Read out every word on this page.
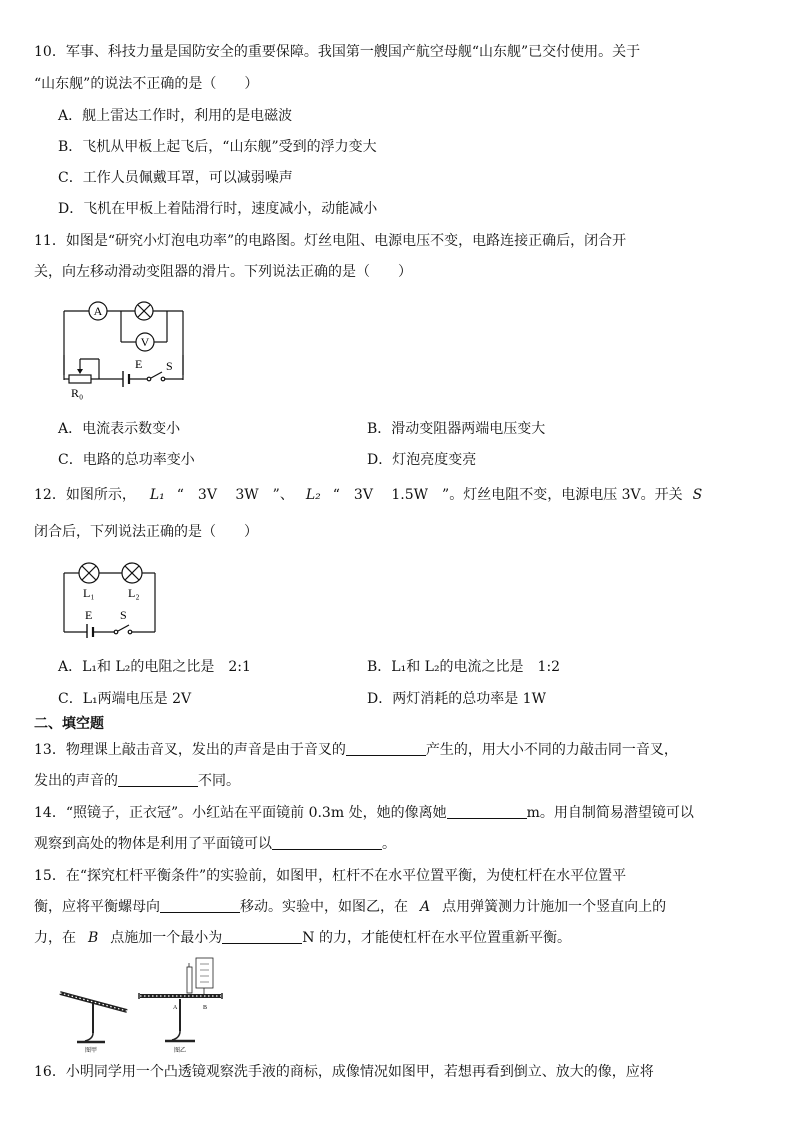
10．军事、科技力量是国防安全的重要保障。我国第一艘国产航空母舰“山东舰”已交付使用。关于
“山东舰”的说法不正确的是（　　）
A．舰上雷达工作时，利用的是电磁波
B．飞机从甲板上起飞后，“山东舰”受到的浮力变大
C．工作人员佩戴耳罩，可以减弱噪声
D．飞机在甲板上着陆滑行时，速度减小，动能减小
11．如图是“研究小灯泡电功率”的电路图。灯丝电阻、电源电压不变，电路连接正确后，闭合开
关，向左移动滑动变阻器的滑片。下列说法正确的是（　　）
A
V
E S
R₀
A．电流表示数变小	B．滑动变阻器两端电压变大
C．电路的总功率变小	D．灯泡亮度变亮
12．如图所示， L₁ “　3V　 3W　”、 L₂ “　3V　 1.5W　”。灯丝电阻不变，电源电压 3V。开关 S
闭合后，下列说法正确的是（　　）
L₁	L₂
E S
A．L₁和 L₂的电阻之比是　2:1	B．L₁和 L₂的电流之比是　1:2
C．L₁两端电压是 2V	D．两灯消耗的总功率是 1W
二、填空题
13．物理课上敲击音叉，发出的声音是由于音叉的	产生的，用大小不同的力敲击同一音叉，
发出的声音的	不同。
14．“照镜子，正衣冠”。小红站在平面镜前 0.3m 处，她的像离她	m。用自制简易潜望镜可以
观察到高处的物体是利用了平面镜可以	。
15．在“探究杠杆平衡条件”的实验前，如图甲，杠杆不在水平位置平衡，为使杠杆在水平位置平
衡，应将平衡螺母向	移动。实验中，如图乙，在 A 点用弹簧测力计施加一个竖直向上的
力，在 B 点施加一个最小为	N 的力，才能使杠杆在水平位置重新平衡。
A	B
图甲	图乙
16．小明同学用一个凸透镜观察洗手液的商标，成像情况如图甲，若想再看到倒立、放大的像，应将
